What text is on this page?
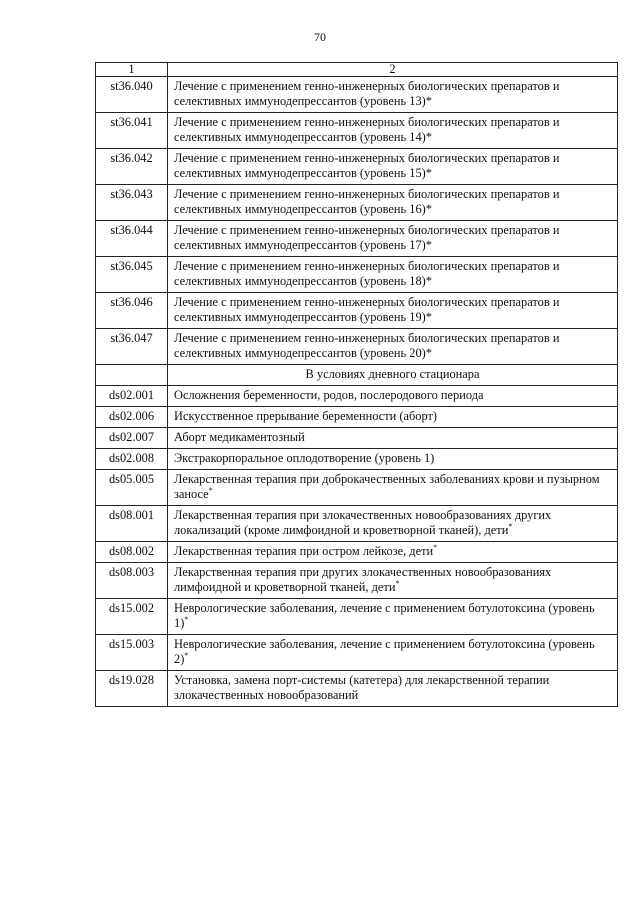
70
1	2
st36.040	Лечение с применением генно-инженерных биологических препаратов и селективных иммунодепрессантов (уровень 13)*
st36.041	Лечение с применением генно-инженерных биологических препаратов и селективных иммунодепрессантов (уровень 14)*
st36.042	Лечение с применением генно-инженерных биологических препаратов и селективных иммунодепрессантов (уровень 15)*
st36.043	Лечение с применением генно-инженерных биологических препаратов и селективных иммунодепрессантов (уровень 16)*
st36.044	Лечение с применением генно-инженерных биологических препаратов и селективных иммунодепрессантов (уровень 17)*
st36.045	Лечение с применением генно-инженерных биологических препаратов и селективных иммунодепрессантов (уровень 18)*
st36.046	Лечение с применением генно-инженерных биологических препаратов и селективных иммунодепрессантов (уровень 19)*
st36.047	Лечение с применением генно-инженерных биологических препаратов и селективных иммунодепрессантов (уровень 20)*
	В условиях дневного стационара
ds02.001	Осложнения беременности, родов, послеродового периода
ds02.006	Искусственное прерывание беременности (аборт)
ds02.007	Аборт медикаментозный
ds02.008	Экстракорпоральное оплодотворение (уровень 1)
ds05.005	Лекарственная терапия при доброкачественных заболеваниях крови и пузырном заносе*
ds08.001	Лекарственная терапия при злокачественных новообразованиях других локализаций (кроме лимфоидной и кроветворной тканей), дети*
ds08.002	Лекарственная терапия при остром лейкозе, дети*
ds08.003	Лекарственная терапия при других злокачественных новообразованиях лимфоидной и кроветворной тканей, дети*
ds15.002	Неврологические заболевания, лечение с применением ботулотоксина (уровень 1)*
ds15.003	Неврологические заболевания, лечение с применением ботулотоксина (уровень 2)*
ds19.028	Установка, замена порт-системы (катетера) для лекарственной терапии злокачественных новообразований
